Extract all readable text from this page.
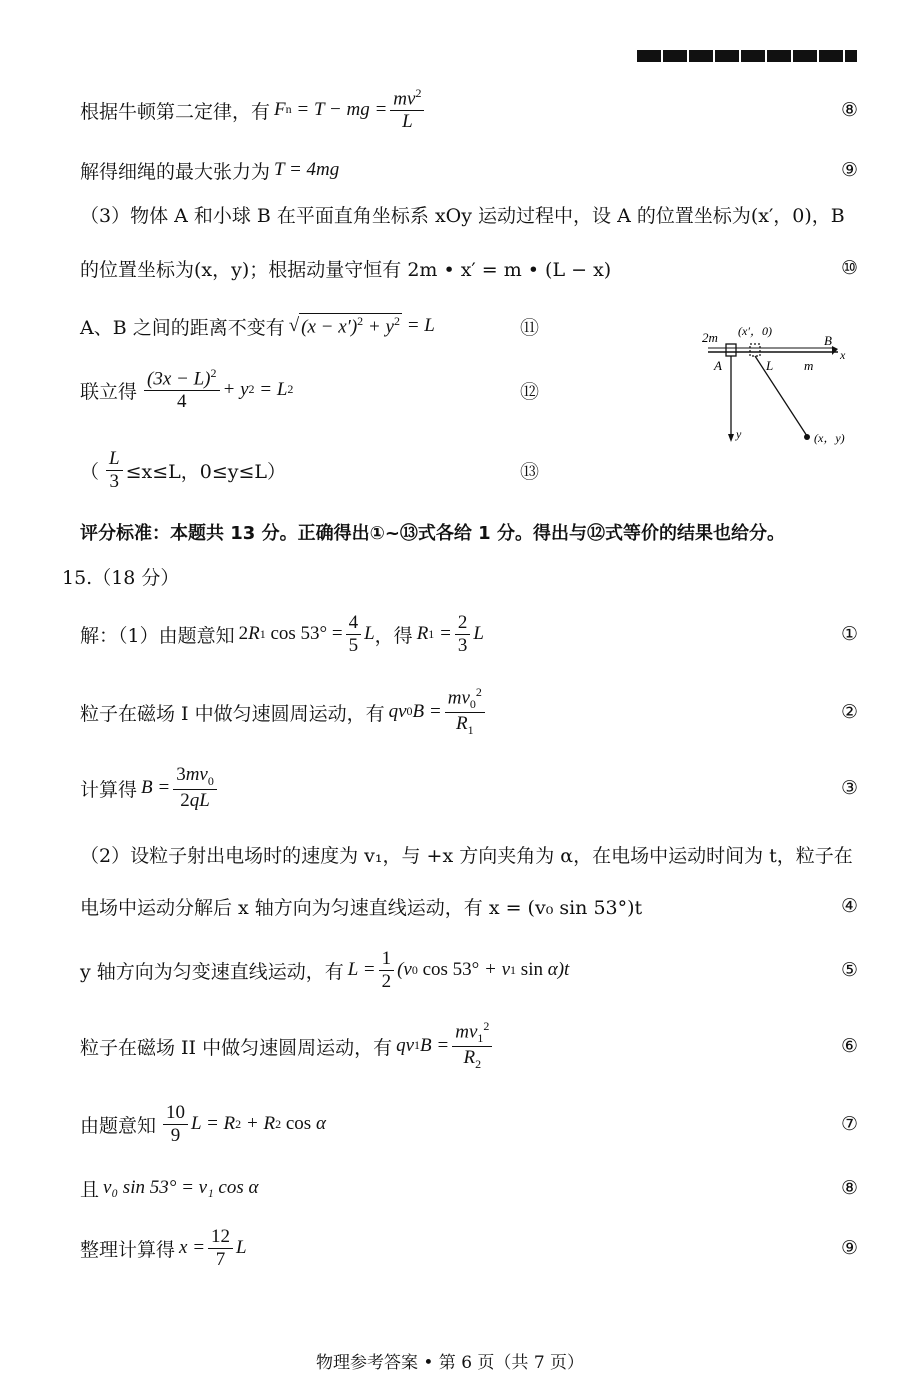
根据牛顿第二定律，有 F n = T − mg = $\frac{mv^2}{L}$	⑧
解得细绳的最大张力为 T = 4mg	⑨
（3）物体 A 和小球 B 在平面直角坐标系 xOy 运动过程中，设 A 的位置坐标为(x′，0)，B
的位置坐标为(x，y)；根据动量守恒有 2m • x′ = m • (L − x)	⑩
A、B 之间的距离不变有 √ $(x - x')^2 + y^2 = L$	⑪
联立得 $\frac{(3x - L)^2}{4} + y$ 2 = L 2	⑫
（ $\frac{L}{3} \le x\le L$，0≤y≤L）	⑬
2m (x′，0)
B
x
A	L m
y	(x，y)
评分标准：本题共 13 分。正确得出①~⑬式各给 1 分。得出与⑫式等价的结果也给分。
15.（18 分）
解：（1）由题意知 2 R 1
$\cos 53^\circ = \frac{4}{5}$ L ，得 R $1 = \frac{2}{3}$ L	①
粒子在磁场 I 中做匀速圆周运动，有 qv 0 $B = \frac{mv_0^2}{R_1}$	②
计算得 $B = \frac{3mv_0}{2qL}$	③
（2）设粒子射出电场时的速度为 v₁，与 +x 方向夹角为 α，在电场中运动时间为 t，粒子在
电场中运动分解后 x 轴方向为匀速直线运动，有 x = (v₀ sin 53°)t	④
y 轴方向为匀变速直线运动，有 $L = \frac{1}{2} (v$ 0
cos 53° + v 1
sin α)t	⑤
粒子在磁场 II 中做匀速圆周运动，有 qv 1 $B = \frac{mv_1^2}{R_2}$	⑥
由题意知 $\frac{10}{9}$ L = R 2 + R 2
cos α	⑦
且 v₀ sin 53° = v₁ cos α	⑧
整理计算得 $x = \frac{12}{7}$ L	⑨
物理参考答案 • 第 6 页（共 7 页）
